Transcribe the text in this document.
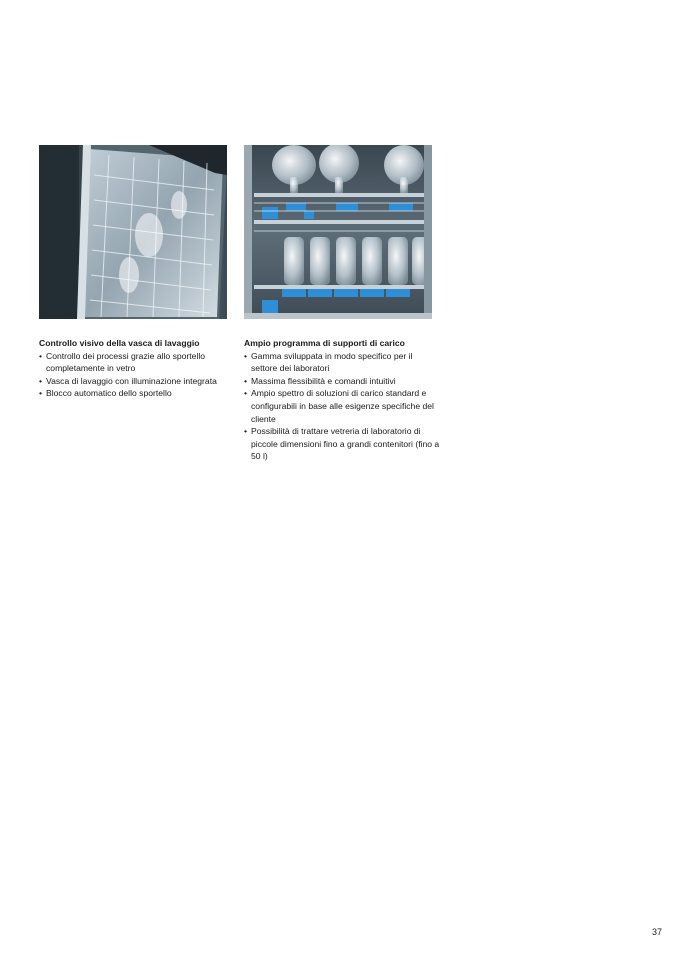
Controllo visivo della vasca di lavaggio
• Controllo dei processi grazie allo sportello completamente in vetro
• Vasca di lavaggio con illuminazione integrata
• Blocco automatico dello sportello
Ampio programma di supporti di carico
• Gamma sviluppata in modo specifico per il settore dei laboratori
• Massima flessibilità e comandi intuitivi
• Ampio spettro di soluzioni di carico standard e configurabili in base alle esigenze specifiche del cliente
• Possibilità di trattare vetreria di laboratorio di piccole dimensioni fino a grandi contenitori (fino a 50 l)
37
